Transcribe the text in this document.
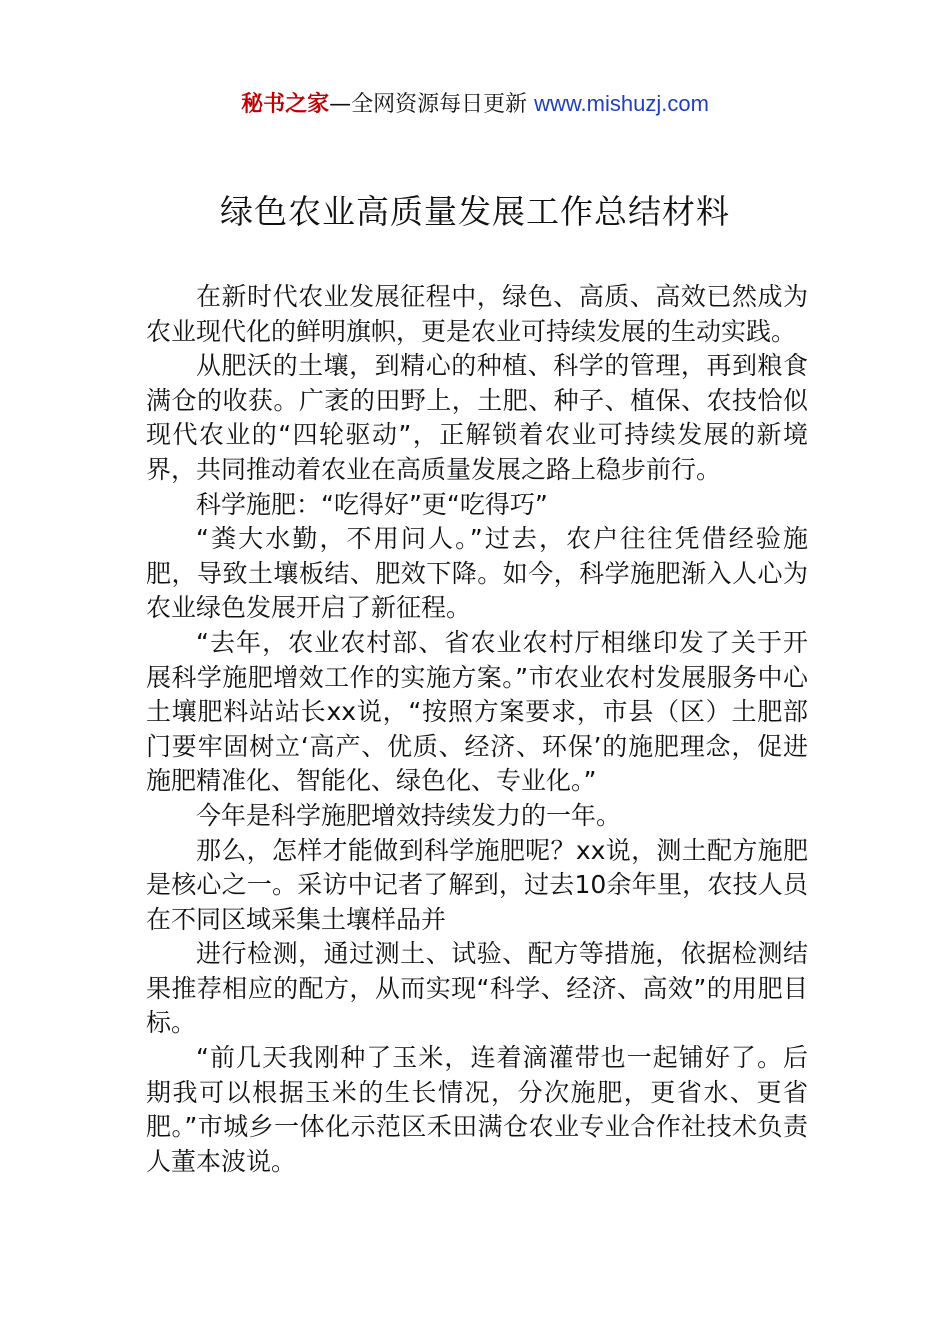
秘书之家—全网资源每日更新 www.mishuzj.com
绿色农业高质量发展工作总结材料

在新时代农业发展征程中，绿色、高质、高效已然成为农业现代化的鲜明旗帜，更是农业可持续发展的生动实践。

从肥沃的土壤，到精心的种植、科学的管理，再到粮食满仓的收获。广袤的田野上，土肥、种子、植保、农技恰似现代农业的“四轮驱动”，正解锁着农业可持续发展的新境界，共同推动着农业在高质量发展之路上稳步前行。

科学施肥：“吃得好”更“吃得巧”

“粪大水勤，不用问人。”过去，农户往往凭借经验施肥，导致土壤板结、肥效下降。如今，科学施肥渐入人心为农业绿色发展开启了新征程。

“去年，农业农村部、省农业农村厅相继印发了关于开展科学施肥增效工作的实施方案。”市农业农村发展服务中心土壤肥料站站长xx说，“按照方案要求，市县（区）土肥部门要牢固树立‘高产、优质、经济、环保’的施肥理念，促进施肥精准化、智能化、绿色化、专业化。”

今年是科学施肥增效持续发力的一年。

那么，怎样才能做到科学施肥呢？xx说，测土配方施肥是核心之一。采访中记者了解到，过去10余年里，农技人员在不同区域采集土壤样品并

进行检测，通过测土、试验、配方等措施，依据检测结果推荐相应的配方，从而实现“科学、经济、高效”的用肥目标。

“前几天我刚种了玉米，连着滴灌带也一起铺好了。后期我可以根据玉米的生长情况，分次施肥，更省水、更省肥。”市城乡一体化示范区禾田满仓农业专业合作社技术负责人董本波说。
